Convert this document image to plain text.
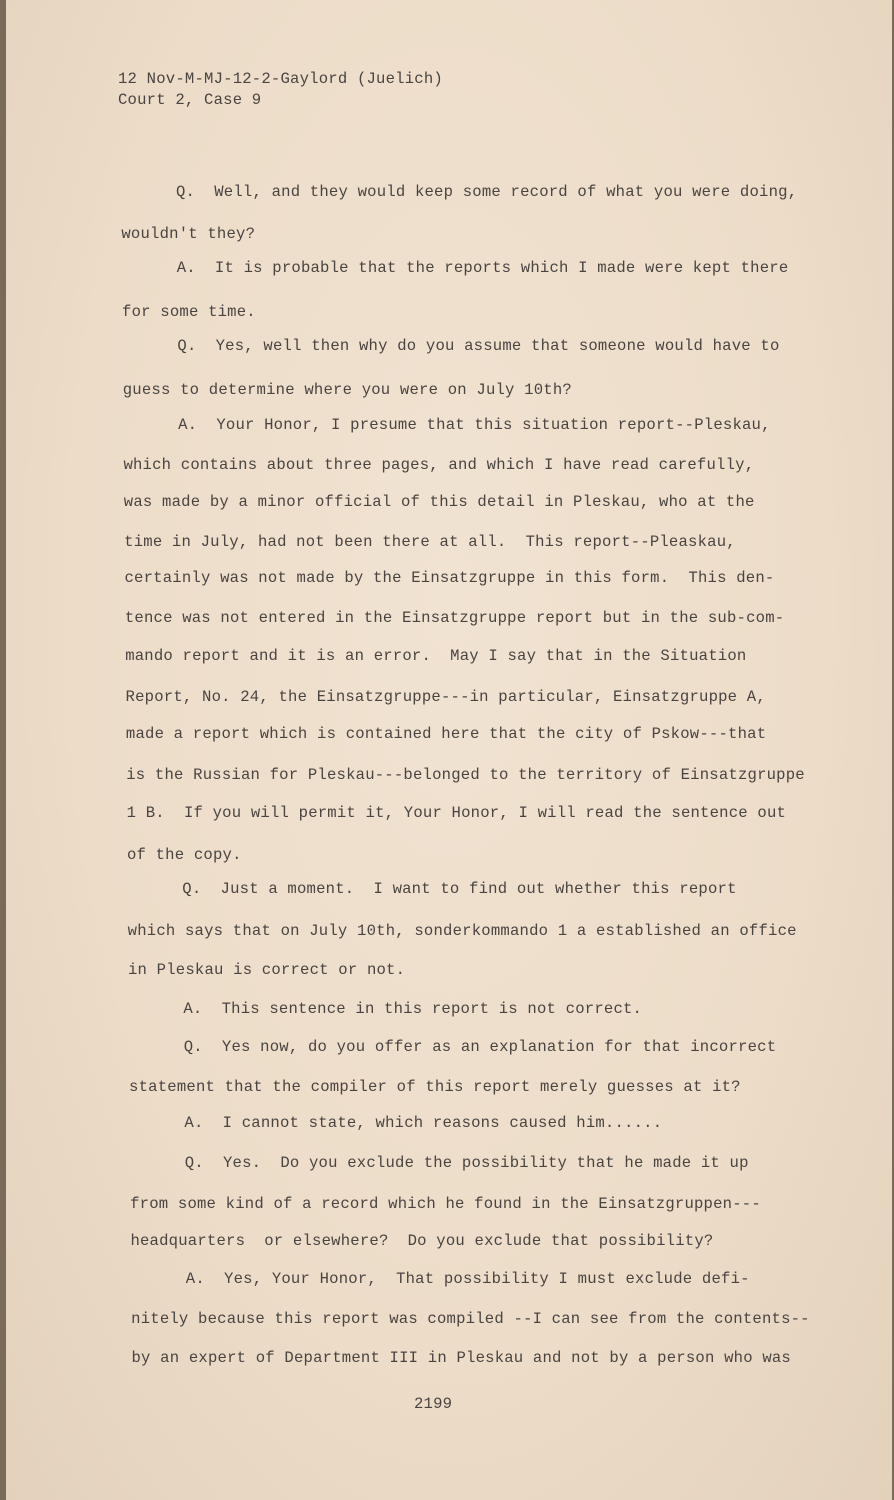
12 Nov-M-MJ-12-2-Gaylord (Juelich)
Court 2, Case 9
Q.  Well, and they would keep some record of what you were doing,
wouldn't they?
A.  It is probable that the reports which I made were kept there
for some time.
Q.  Yes, well then why do you assume that someone would have to
guess to determine where you were on July 10th?
A.  Your Honor, I presume that this situation report--Pleskau,
which contains about three pages, and which I have read carefully,
was made by a minor official of this detail in Pleskau, who at the
time in July, had not been there at all.  This report--Pleaskau,
certainly was not made by the Einsatzgruppe in this form.  This den-
tence was not entered in the Einsatzgruppe report but in the sub-com-
mando report and it is an error.  May I say that in the Situation
Report, No. 24, the Einsatzgruppe---in particular, Einsatzgruppe A,
made a report which is contained here that the city of Pskow---that
is the Russian for Pleskau---belonged to the territory of Einsatzgruppe
1 B.  If you will permit it, Your Honor, I will read the sentence out
of the copy.
Q.  Just a moment.  I want to find out whether this report
which says that on July 10th, sonderkommando 1 a established an office
in Pleskau is correct or not.
A.  This sentence in this report is not correct.
Q.  Yes now, do you offer as an explanation for that incorrect
statement that the compiler of this report merely guesses at it?
A.  I cannot state, which reasons caused him......
Q.  Yes.  Do you exclude the possibility that he made it up
from some kind of a record which he found in the Einsatzgruppen---
headquarters  or elsewhere?  Do you exclude that possibility?
A.  Yes, Your Honor,  That possibility I must exclude defi-
nitely because this report was compiled --I can see from the contents--
by an expert of Department III in Pleskau and not by a person who was
2199
